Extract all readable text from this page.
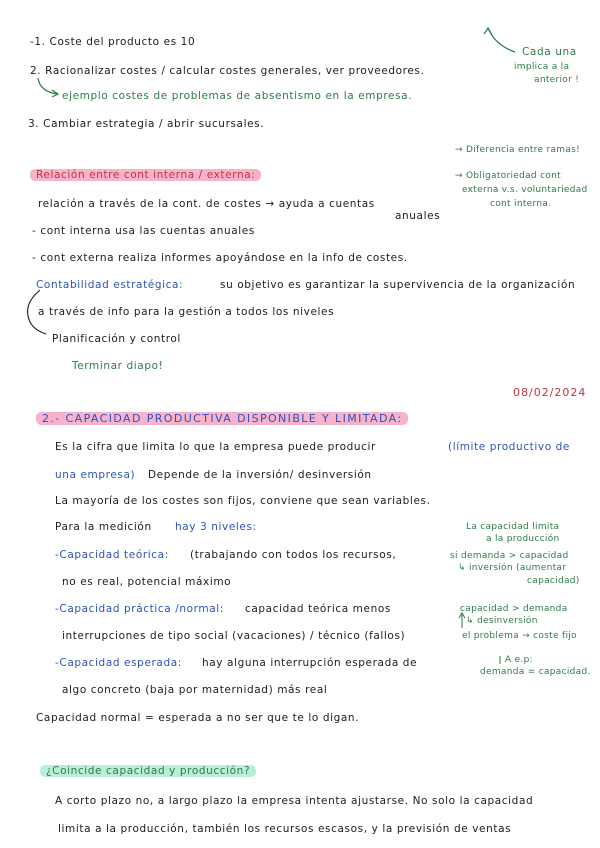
-1. Coste del producto es 10
2. Racionalizar costes / calcular costes generales, ver proveedores.
ejemplo costes de problemas de absentismo en la empresa.
3. Cambiar estrategia / abrir sucursales.
Cada una
implica a la
anterior !
Relación entre cont interna / externa:
relación a través de la cont. de costes → ayuda a cuentas
anuales
- cont interna usa las cuentas anuales
- cont externa realiza informes apoyándose en la info de costes.
→ Diferencia entre ramas!
→ Obligatoriedad cont
externa v.s. voluntariedad
cont interna.
Contabilidad estratégica:	su objetivo es garantizar la supervivencia de la organización
a través de info para la gestión a todos los niveles
Planificación y control
Terminar diapo!
08/02/2024
2.- CAPACIDAD PRODUCTIVA DISPONIBLE Y LIMITADA:
Es la cifra que limita lo que la empresa puede producir	(límite productivo de
una empresa) Depende de la inversión/ desinversión
La mayoría de los costes son fijos, conviene que sean variables.
Para la medición hay 3 niveles:
-Capacidad teórica: (trabajando con todos los recursos,
no es real, potencial máximo
-Capacidad práctica /normal: capacidad teórica menos
interrupciones de tipo social (vacaciones) / técnico (fallos)
-Capacidad esperada: hay alguna interrupción esperada de
algo concreto (baja por maternidad) más real
Capacidad normal = esperada a no ser que te lo digan.
La capacidad limita
a la producción
si demanda > capacidad
↳ inversión (aumentar
capacidad)
capacidad > demanda
↳ desinversión
el problema → coste fijo
A e.p:
demanda = capacidad.
¿Coincide capacidad y producción?
A corto plazo no, a largo plazo la empresa intenta ajustarse. No solo la capacidad
limita a la producción, también los recursos escasos, y la previsión de ventas
